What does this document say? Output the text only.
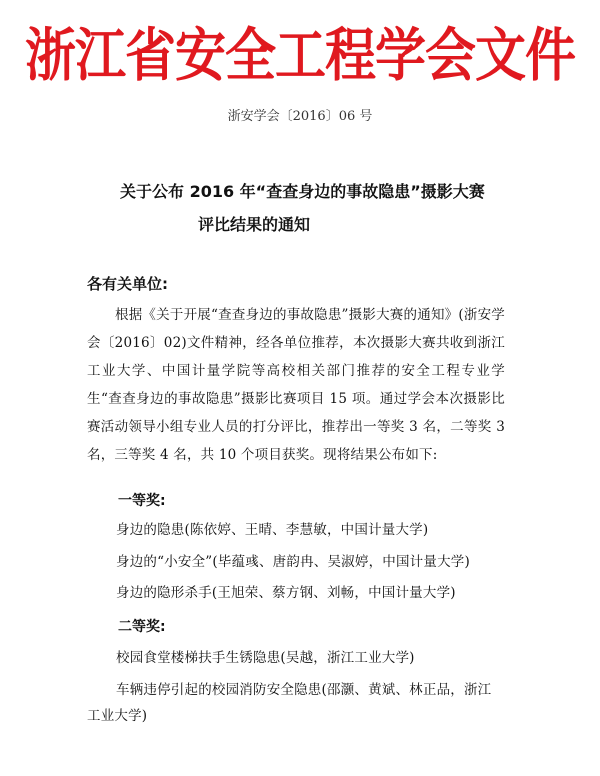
浙江省安全工程学会文件
浙安学会〔2016〕06 号
关于公布 2016 年“查查身边的事故隐患”摄影大赛
评比结果的通知
各有关单位:
根据《关于开展“查查身边的事故隐患”摄影大赛的通知》(浙安学会〔2016〕02)文件精神，经各单位推荐，本次摄影大赛共收到浙江工业大学、中国计量学院等高校相关部门推荐的安全工程专业学生“查查身边的事故隐患”摄影比赛项目 15 项。通过学会本次摄影比赛活动领导小组专业人员的打分评比，推荐出一等奖 3 名，二等奖 3 名，三等奖 4 名，共 10 个项目获奖。现将结果公布如下:
一等奖:
身边的隐患(陈依婷、王晴、李慧敏，中国计量大学)
身边的“小安全”(毕蕴彧、唐韵冉、吴淑婷，中国计量大学)
身边的隐形杀手(王旭荣、蔡方钢、刘畅，中国计量大学)
二等奖:
校园食堂楼梯扶手生锈隐患(吴越，浙江工业大学)
车辆违停引起的校园消防安全隐患(邵灏、黄斌、林正品，浙江
工业大学)
